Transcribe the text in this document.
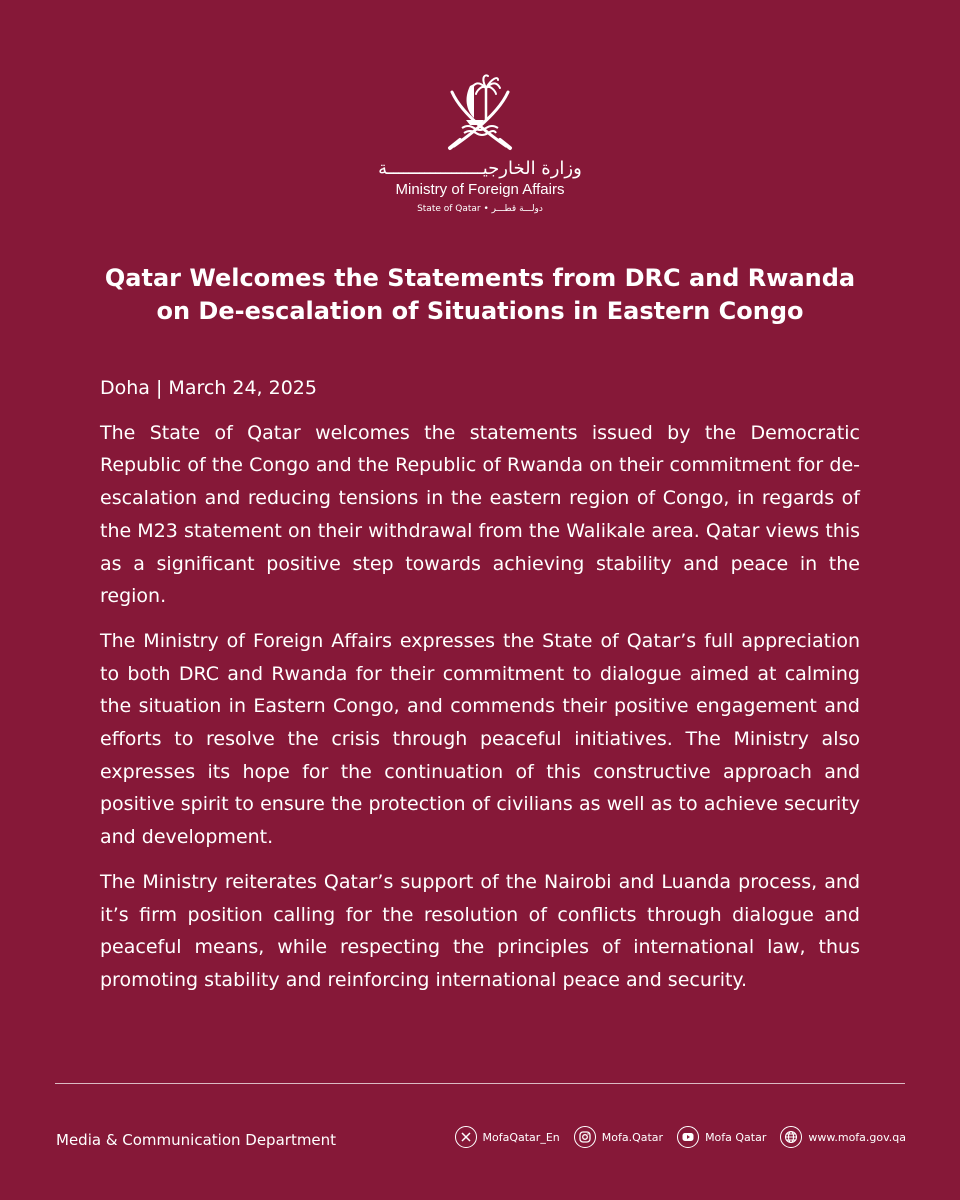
وزارة الخارجيــــــــــــــــــة
Ministry of Foreign Affairs
State of Qatar • دولـــة قطـــر
Qatar Welcomes the Statements from DRC and Rwanda
on De-escalation of Situations in Eastern Congo

Doha | March 24, 2025

The State of Qatar welcomes the statements issued by the Democratic Republic of the Congo and the Republic of Rwanda on their commitment for de-escalation and reducing tensions in the eastern region of Congo, in regards of the M23 statement on their withdrawal from the Walikale area. Qatar views this as a significant positive step towards achieving stability and peace in the region.

The Ministry of Foreign Affairs expresses the State of Qatar’s full appreciation to both DRC and Rwanda for their commitment to dialogue aimed at calming the situation in Eastern Congo, and commends their positive engagement and efforts to resolve the crisis through peaceful initiatives. The Ministry also expresses its hope for the continuation of this constructive approach and positive spirit to ensure the protection of civilians as well as to achieve security and development.

The Ministry reiterates Qatar’s support of the Nairobi and Luanda process, and it’s firm position calling for the resolution of conflicts through dialogue and peaceful means, while respecting the principles of international law, thus promoting stability and reinforcing international peace and security.

Media & Communication Department	MofaQatar_En	Mofa.Qatar	Mofa Qatar	www.mofa.gov.qa
